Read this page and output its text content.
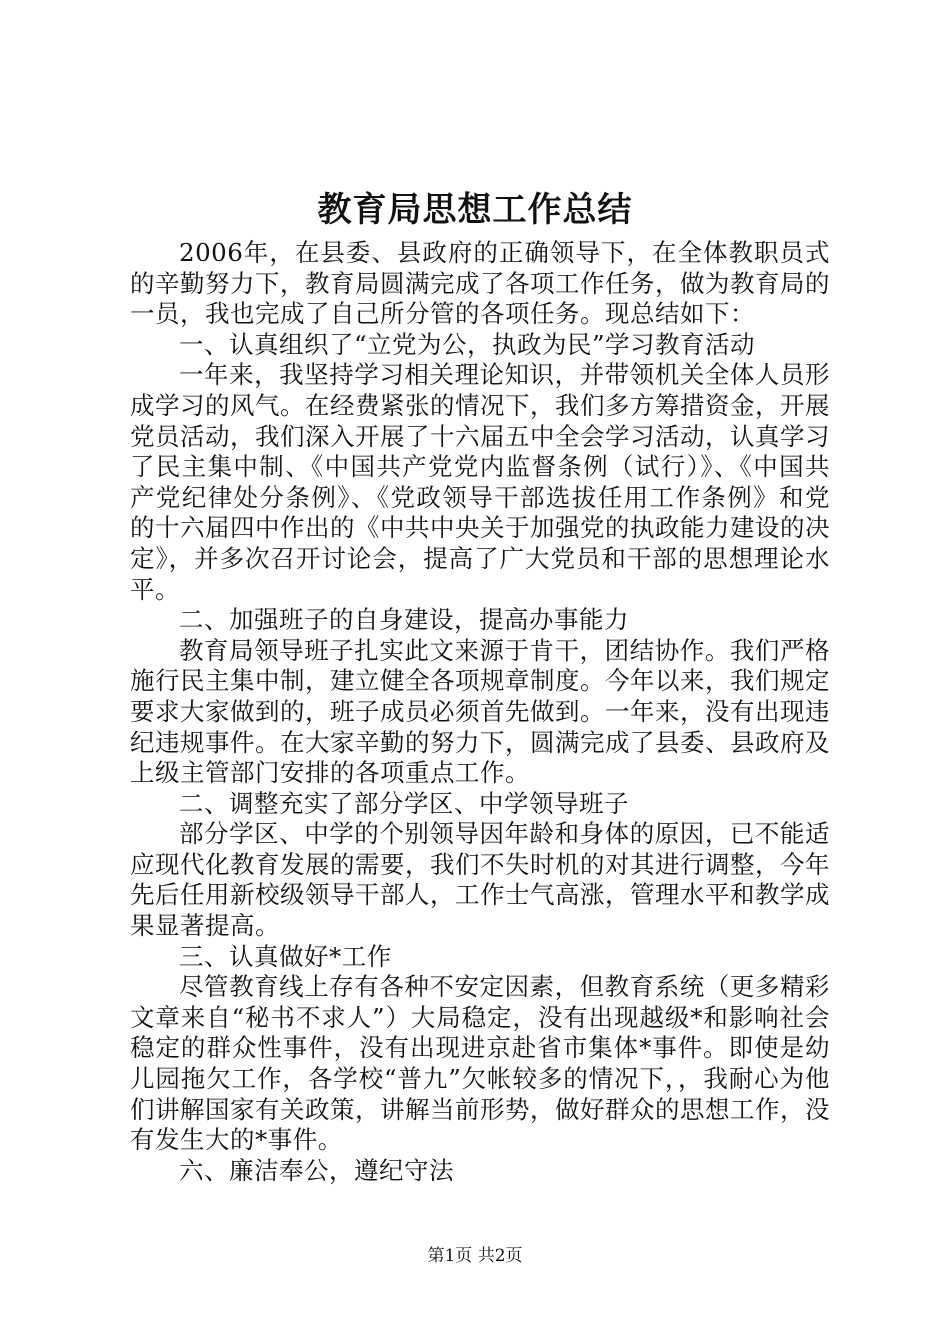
教育局思想工作总结

2006年，在县委、县政府的正确领导下，在全体教职员式的辛勤努力下，教育局圆满完成了各项工作任务，做为教育局的一员，我也完成了自己所分管的各项任务。现总结如下：

一、认真组织了“立党为公，执政为民”学习教育活动

一年来，我坚持学习相关理论知识，并带领机关全体人员形成学习的风气。在经费紧张的情况下，我们多方筹措资金，开展党员活动，我们深入开展了十六届五中全会学习活动，认真学习了民主集中制、《中国共产党党内监督条例（试行）》、《中国共产党纪律处分条例》、《党政领导干部选拔任用工作条例》和党的十六届四中作出的《中共中央关于加强党的执政能力建设的决定》，并多次召开讨论会，提高了广大党员和干部的思想理论水平。

二、加强班子的自身建设，提高办事能力

教育局领导班子扎实此文来源于肯干，团结协作。我们严格施行民主集中制，建立健全各项规章制度。今年以来，我们规定要求大家做到的，班子成员必须首先做到。一年来，没有出现违纪违规事件。在大家辛勤的努力下，圆满完成了县委、县政府及上级主管部门安排的各项重点工作。

二、调整充实了部分学区、中学领导班子

部分学区、中学的个别领导因年龄和身体的原因，已不能适应现代化教育发展的需要，我们不失时机的对其进行调整，今年先后任用新校级领导干部人，工作士气高涨，管理水平和教学成果显著提高。

三、认真做好*工作

尽管教育线上存有各种不安定因素，但教育系统（更多精彩文章来自“秘书不求人”）大局稳定，没有出现越级*和影响社会稳定的群众性事件，没有出现进京赴省市集体*事件。即使是幼儿园拖欠工作，各学校“普九”欠帐较多的情况下，，我耐心为他们讲解国家有关政策，讲解当前形势，做好群众的思想工作，没有发生大的*事件。

六、廉洁奉公，遵纪守法

第1页 共2页
